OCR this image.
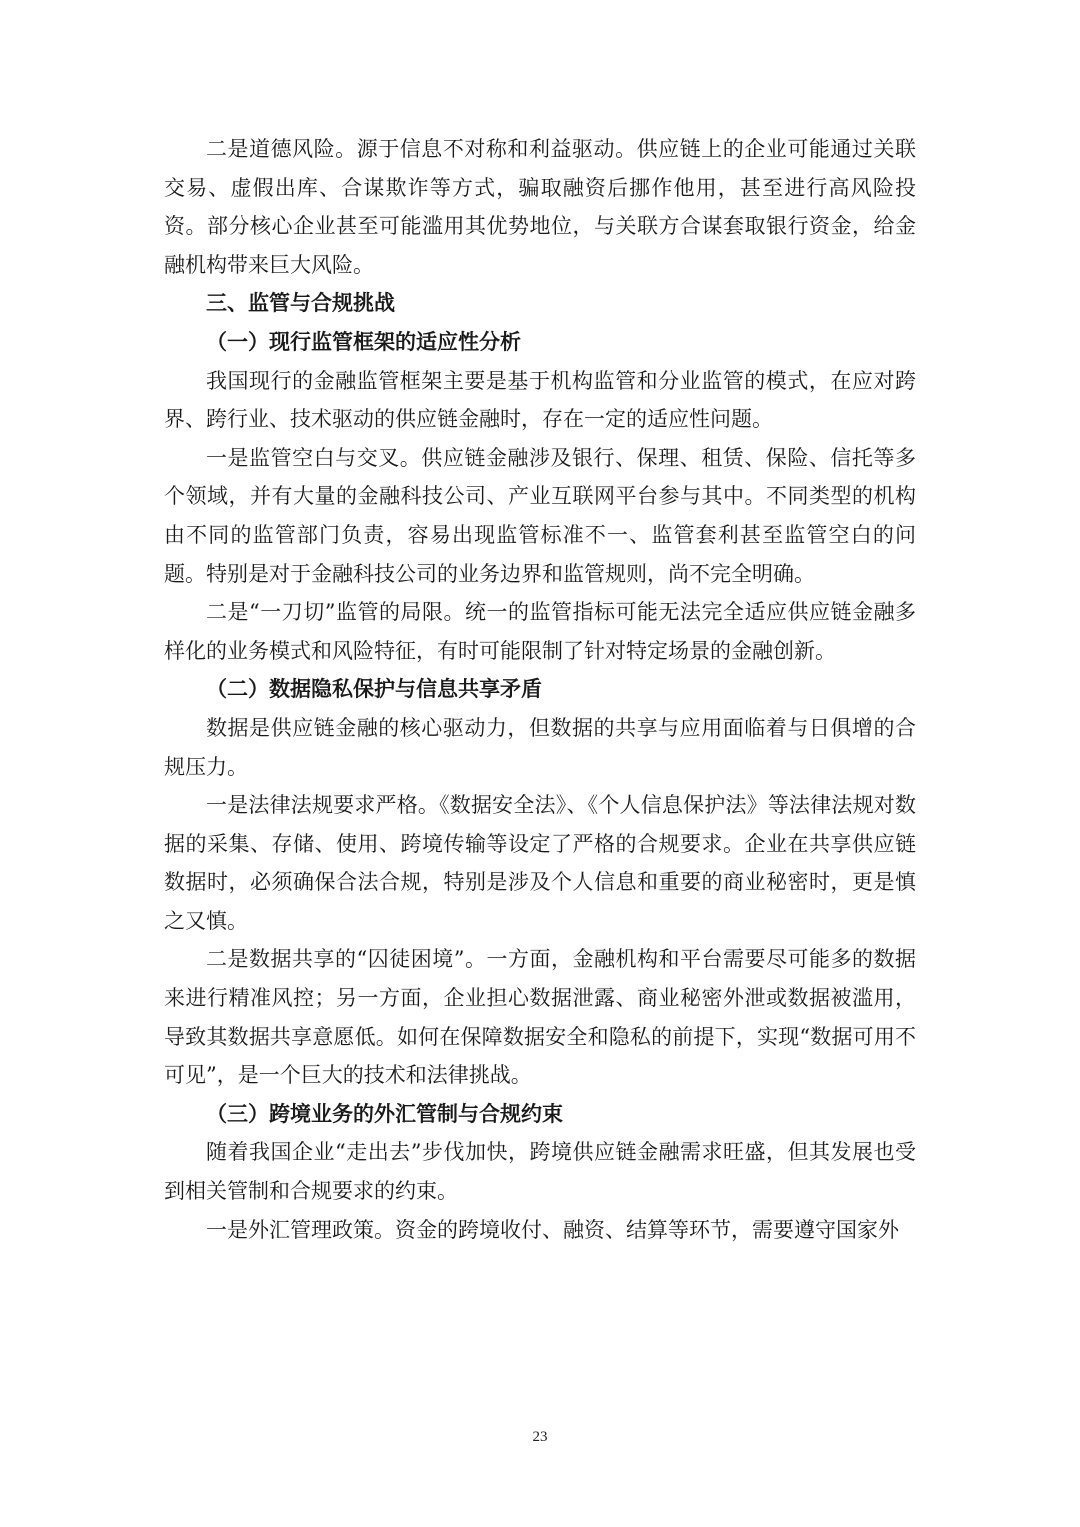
二是道德风险。源于信息不对称和利益驱动。供应链上的企业可能通过关联交易、虚假出库、合谋欺诈等方式，骗取融资后挪作他用，甚至进行高风险投资。部分核心企业甚至可能滥用其优势地位，与关联方合谋套取银行资金，给金融机构带来巨大风险。

三、监管与合规挑战

（一）现行监管框架的适应性分析

我国现行的金融监管框架主要是基于机构监管和分业监管的模式，在应对跨界、跨行业、技术驱动的供应链金融时，存在一定的适应性问题。

一是监管空白与交叉。供应链金融涉及银行、保理、租赁、保险、信托等多个领域，并有大量的金融科技公司、产业互联网平台参与其中。不同类型的机构由不同的监管部门负责，容易出现监管标准不一、监管套利甚至监管空白的问题。特别是对于金融科技公司的业务边界和监管规则，尚不完全明确。

二是“一刀切”监管的局限。统一的监管指标可能无法完全适应供应链金融多样化的业务模式和风险特征，有时可能限制了针对特定场景的金融创新。

（二）数据隐私保护与信息共享矛盾

数据是供应链金融的核心驱动力，但数据的共享与应用面临着与日俱增的合规压力。

一是法律法规要求严格。《数据安全法》、《个人信息保护法》等法律法规对数据的采集、存储、使用、跨境传输等设定了严格的合规要求。企业在共享供应链数据时，必须确保合法合规，特别是涉及个人信息和重要的商业秘密时，更是慎之又慎。

二是数据共享的“囚徒困境”。一方面，金融机构和平台需要尽可能多的数据来进行精准风控；另一方面，企业担心数据泄露、商业秘密外泄或数据被滥用，导致其数据共享意愿低。如何在保障数据安全和隐私的前提下，实现“数据可用不可见”，是一个巨大的技术和法律挑战。

（三）跨境业务的外汇管制与合规约束

随着我国企业“走出去”步伐加快，跨境供应链金融需求旺盛，但其发展也受到相关管制和合规要求的约束。

一是外汇管理政策。资金的跨境收付、融资、结算等环节，需要遵守国家外

23
